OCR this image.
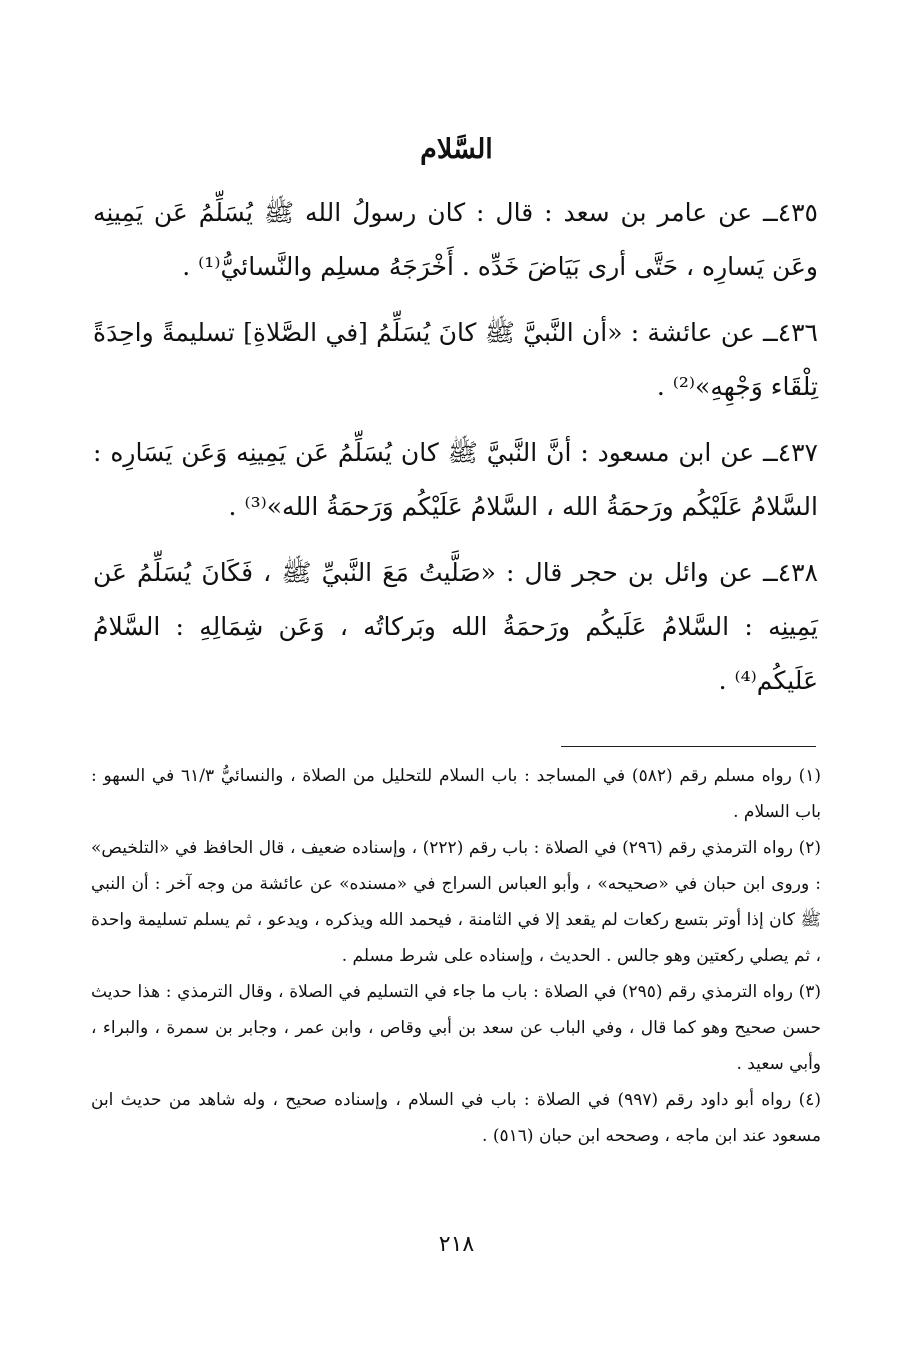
السَّلام

٤٣٥ــ عن عامر بن سعد : قال : كان رسولُ الله ﷺ يُسَلِّمُ عَن يَمِينِه وعَن يَسارِه ، حَتَّى أرى بَيَاضَ خَدِّه . أَخْرَجَهُ مسلِم والنَّسائيُّ⁽¹⁾ .

٤٣٦ــ عن عائشة : «أن النَّبيَّ ﷺ كانَ يُسَلِّمُ [في الصَّلاةِ] تسليمةً واحِدَةً تِلْقَاء وَجْهِهِ»⁽²⁾ .

٤٣٧ــ عن ابن مسعود : أنَّ النَّبيَّ ﷺ كان يُسَلِّمُ عَن يَمِينِه وَعَن يَسَارِه : السَّلامُ عَلَيْكُم ورَحمَةُ الله ، السَّلامُ عَلَيْكُم وَرَحمَةُ الله»⁽³⁾ .

٤٣٨ــ عن وائل بن حجر قال : «صَلَّيتُ مَعَ النَّبيِّ ﷺ ، فَكَانَ يُسَلِّمُ عَن يَمِينِه : السَّلامُ عَلَيكُم ورَحمَةُ الله وبَركاتُه ، وَعَن شِمَالِهِ : السَّلامُ عَلَيكُم⁽⁴⁾ .

(١) رواه مسلم رقم (٥٨٢) في المساجد : باب السلام للتحليل من الصلاة ، والنسائيُّ ٦١/٣ في السهو : باب السلام .

(٢) رواه الترمذي رقم (٢٩٦) في الصلاة : باب رقم (٢٢٢) ، وإسناده ضعيف ، قال الحافظ في «التلخيص» : وروى ابن حبان في «صحيحه» ، وأبو العباس السراج في «مسنده» عن عائشة من وجه آخر : أن النبي ﷺ كان إذا أوتر بتسع ركعات لم يقعد إلا في الثامنة ، فيحمد الله ويذكره ، ويدعو ، ثم يسلم تسليمة واحدة ، ثم يصلي ركعتين وهو جالس . الحديث ، وإسناده على شرط مسلم .

(٣) رواه الترمذي رقم (٢٩٥) في الصلاة : باب ما جاء في التسليم في الصلاة ، وقال الترمذي : هذا حديث حسن صحيح وهو كما قال ، وفي الباب عن سعد بن أبي وقاص ، وابن عمر ، وجابر بن سمرة ، والبراء ، وأبي سعيد .

(٤) رواه أبو داود رقم (٩٩٧) في الصلاة : باب في السلام ، وإسناده صحيح ، وله شاهد من حديث ابن مسعود عند ابن ماجه ، وصححه ابن حبان (٥١٦) .

٢١٨
